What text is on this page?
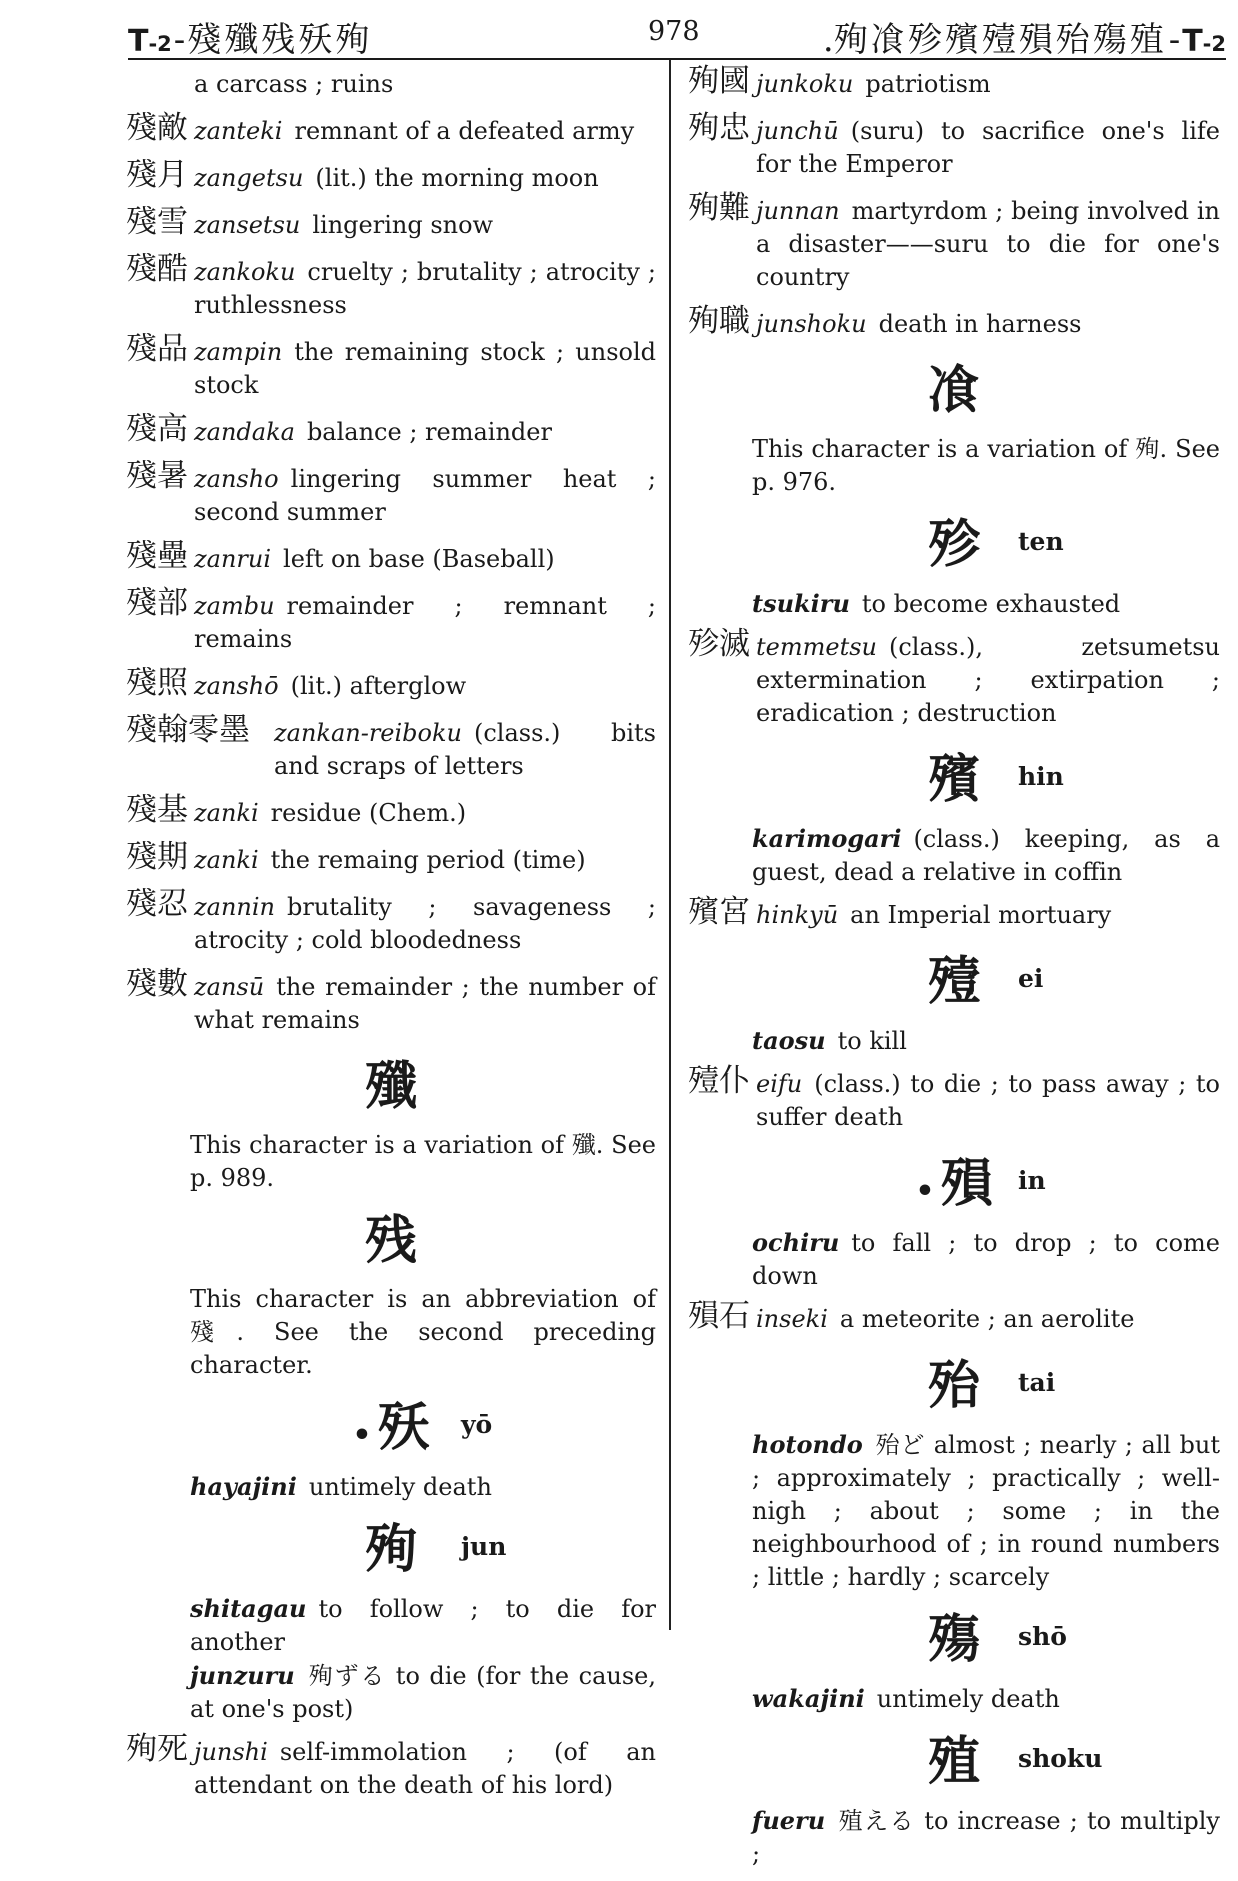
T-2-殘殲残殀殉	978	.殉飡殄殯殪殞殆殤殖-T-2
a carcass ; ruins
殘敵 zanteki remnant of a defeated army
殘月 zangetsu (lit.) the morning moon
殘雪 zansetsu lingering snow
殘酷 zankoku cruelty ; brutality ; atrocity ; ruthlessness
殘品 zampin the remaining stock ; unsold stock
殘高 zandaka balance ; remainder
殘暑 zansho lingering summer heat ; second summer
殘壘 zanrui left on base (Baseball)
殘部 zambu remainder ; remnant ; remains
殘照 zanshō (lit.) afterglow
殘翰零墨	zankan-reiboku (class.) bits and scraps of letters
殘基 zanki residue (Chem.)
殘期 zanki the remaing period (time)
殘忍 zannin brutality ; savageness ; atrocity ; cold bloodedness
殘數 zansū the remainder ; the number of what remains
殲
This character is a variation of 殲. See p. 989.
残
This character is an abbreviation of 殘. See the second preceding character.
• 殀 yō
hayajini untimely death
殉 jun
shitagau to follow ; to die for another
junzuru 殉ずる to die (for the cause, at one's post)
殉死 junshi self-immolation ; (of an attendant on the death of his lord)
殉國 junkoku patriotism
殉忠 junchū (suru) to sacrifice one's life for the Emperor
殉難 junnan martyrdom ; being involved in a disaster——suru to die for one's country
殉職 junshoku death in harness
飡
This character is a variation of 殉. See p. 976.
殄 ten
tsukiru to become exhausted
殄滅 temmetsu (class.), zetsumetsu extermination ; extirpation ; eradication ; destruction
殯 hin
karimogari (class.) keeping, as a guest, dead a relative in coffin
殯宮 hinkyū an Imperial mortuary
殪 ei
taosu to kill
殪仆 eifu (class.) to die ; to pass away ; to suffer death
• 殞 in
ochiru to fall ; to drop ; to come down
殞石 inseki a meteorite ; an aerolite
殆 tai
hotondo 殆ど almost ; nearly ; all but ; approximately ; practically ; well-nigh ; about ; some ; in the neighbourhood of ; in round numbers ; little ; hardly ; scarcely
殤 shō
wakajini untimely death
殖 shoku
fueru 殖える to increase ; to multiply ;
